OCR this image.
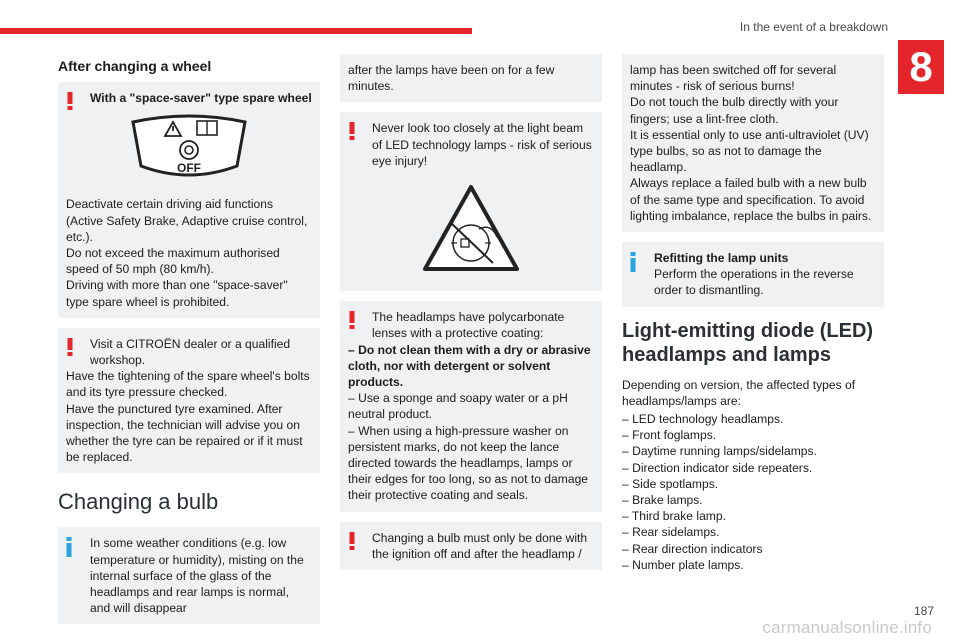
In the event of a breakdown
8
After changing a wheel

With a "space-saver" type spare wheel

OFF

Deactivate certain driving aid functions (Active Safety Brake, Adaptive cruise control, etc.).

Do not exceed the maximum authorised speed of 50 mph (80 km/h).

Driving with more than one "space-saver" type spare wheel is prohibited.

Visit a CITROËN dealer or a qualified workshop.

Have the tightening of the spare wheel's bolts and its tyre pressure checked.

Have the punctured tyre examined. After inspection, the technician will advise you on whether the tyre can be repaired or if it must be replaced.

Changing a bulb

In some weather conditions (e.g. low temperature or humidity), misting on the internal surface of the glass of the headlamps and rear lamps is normal, and will disappear

after the lamps have been on for a few minutes.

Never look too closely at the light beam of LED technology lamps - risk of serious eye injury!

The headlamps have polycarbonate lenses with a protective coating:

– Do not clean them with a dry or abrasive cloth, nor with detergent or solvent products.

– Use a sponge and soapy water or a pH neutral product.

– When using a high-pressure washer on persistent marks, do not keep the lance directed towards the headlamps, lamps or their edges for too long, so as not to damage their protective coating and seals.

Changing a bulb must only be done with the ignition off and after the headlamp /

lamp has been switched off for several minutes - risk of serious burns!

Do not touch the bulb directly with your fingers; use a lint-free cloth.

It is essential only to use anti-ultraviolet (UV) type bulbs, so as not to damage the headlamp.

Always replace a failed bulb with a new bulb of the same type and specification. To avoid lighting imbalance, replace the bulbs in pairs.

Refitting the lamp units

Perform the operations in the reverse order to dismantling.

Light-emitting diode (LED) headlamps and lamps

Depending on version, the affected types of headlamps/lamps are:

– LED technology headlamps.
– Front foglamps.
– Daytime running lamps/sidelamps.
– Direction indicator side repeaters.
– Side spotlamps.
– Brake lamps.
– Third brake lamp.
– Rear sidelamps.
– Rear direction indicators
– Number plate lamps.
carmanualsonline.info
187
